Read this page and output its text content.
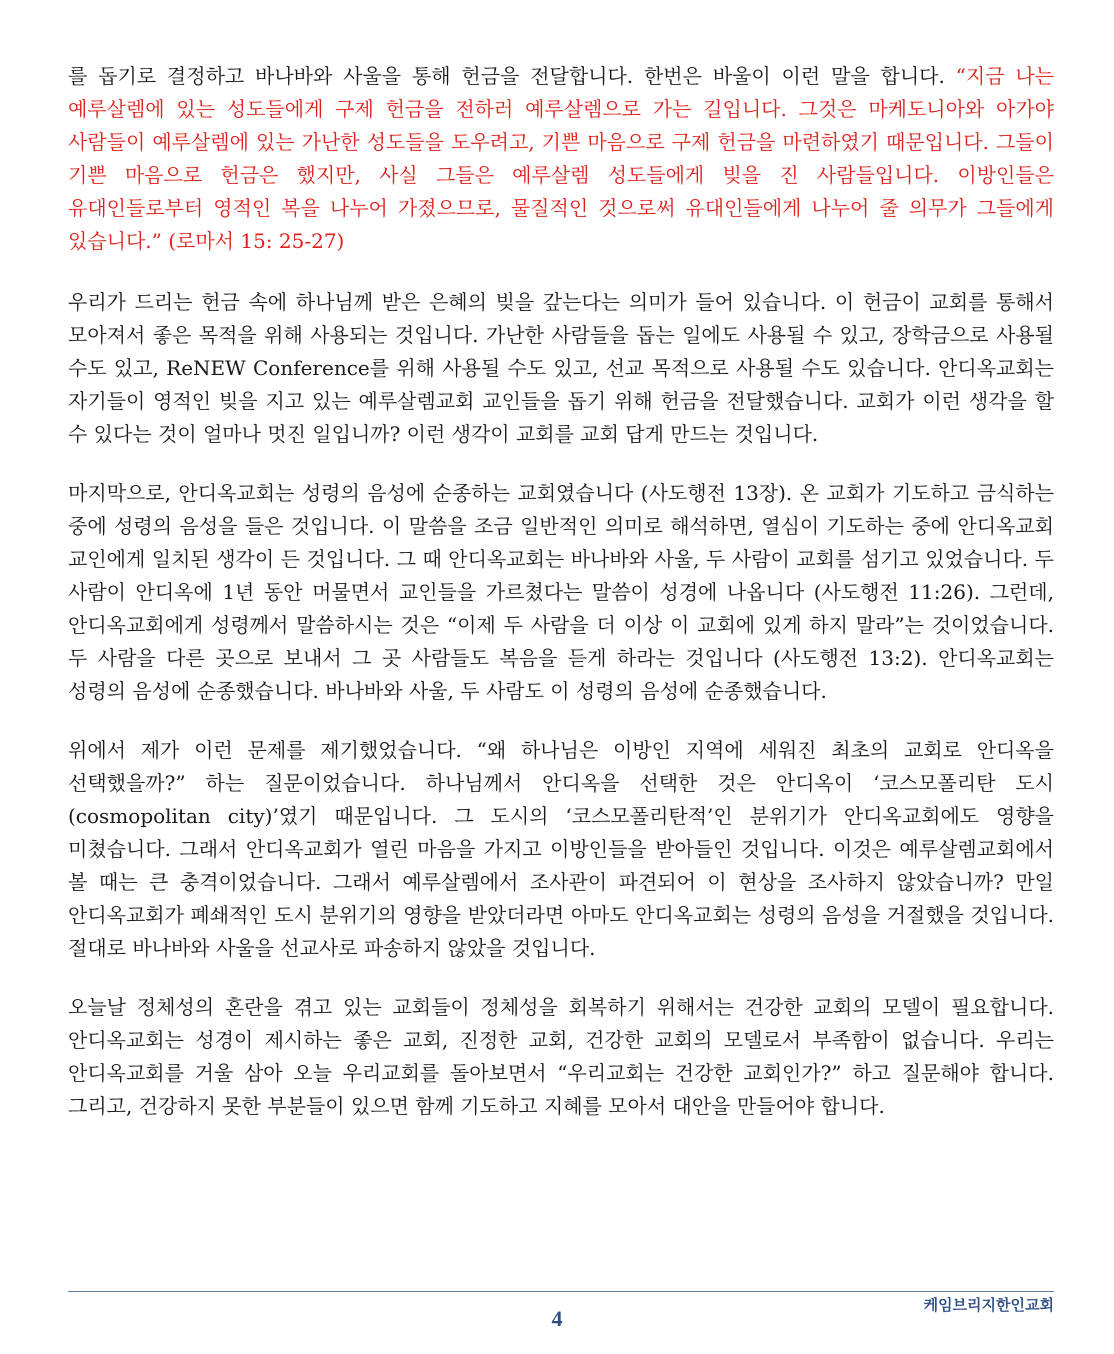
를 돕기로 결정하고 바나바와 사울을 통해 헌금을 전달합니다. 한번은 바울이 이런 말을 합니다. “지금 나는 예루살렘에 있는 성도들에게 구제 헌금을 전하러 예루살렘으로 가는 길입니다. 그것은 마케도니아와 아가야 사람들이 예루살렘에 있는 가난한 성도들을 도우려고, 기쁜 마음으로 구제 헌금을 마련하였기 때문입니다. 그들이 기쁜 마음으로 헌금은 했지만, 사실 그들은 예루살렘 성도들에게 빚을 진 사람들입니다. 이방인들은 유대인들로부터 영적인 복을 나누어 가졌으므로, 물질적인 것으로써 유대인들에게 나누어 줄 의무가 그들에게 있습니다.” (로마서 15: 25-27)

우리가 드리는 헌금 속에 하나님께 받은 은혜의 빚을 갚는다는 의미가 들어 있습니다. 이 헌금이 교회를 통해서 모아져서 좋은 목적을 위해 사용되는 것입니다. 가난한 사람들을 돕는 일에도 사용될 수 있고, 장학금으로 사용될 수도 있고, ReNEW Conference를 위해 사용될 수도 있고, 선교 목적으로 사용될 수도 있습니다. 안디옥교회는 자기들이 영적인 빚을 지고 있는 예루살렘교회 교인들을 돕기 위해 헌금을 전달했습니다. 교회가 이런 생각을 할 수 있다는 것이 얼마나 멋진 일입니까? 이런 생각이 교회를 교회 답게 만드는 것입니다.

마지막으로, 안디옥교회는 성령의 음성에 순종하는 교회였습니다 (사도행전 13장). 온 교회가 기도하고 금식하는 중에 성령의 음성을 들은 것입니다. 이 말씀을 조금 일반적인 의미로 해석하면, 열심이 기도하는 중에 안디옥교회 교인에게 일치된 생각이 든 것입니다. 그 때 안디옥교회는 바나바와 사울, 두 사람이 교회를 섬기고 있었습니다. 두 사람이 안디옥에 1년 동안 머물면서 교인들을 가르쳤다는 말씀이 성경에 나옵니다 (사도행전 11:26). 그런데, 안디옥교회에게 성령께서 말씀하시는 것은 “이제 두 사람을 더 이상 이 교회에 있게 하지 말라”는 것이었습니다. 두 사람을 다른 곳으로 보내서 그 곳 사람들도 복음을 듣게 하라는 것입니다 (사도행전 13:2). 안디옥교회는 성령의 음성에 순종했습니다. 바나바와 사울, 두 사람도 이 성령의 음성에 순종했습니다.

위에서 제가 이런 문제를 제기했었습니다. “왜 하나님은 이방인 지역에 세워진 최초의 교회로 안디옥을 선택했을까?” 하는 질문이었습니다. 하나님께서 안디옥을 선택한 것은 안디옥이 ‘코스모폴리탄 도시 (cosmopolitan city)’였기 때문입니다. 그 도시의 ‘코스모폴리탄적’인 분위기가 안디옥교회에도 영향을 미쳤습니다. 그래서 안디옥교회가 열린 마음을 가지고 이방인들을 받아들인 것입니다. 이것은 예루살렘교회에서 볼 때는 큰 충격이었습니다. 그래서 예루살렘에서 조사관이 파견되어 이 현상을 조사하지 않았습니까? 만일 안디옥교회가 폐쇄적인 도시 분위기의 영향을 받았더라면 아마도 안디옥교회는 성령의 음성을 거절했을 것입니다. 절대로 바나바와 사울을 선교사로 파송하지 않았을 것입니다.

오늘날 정체성의 혼란을 겪고 있는 교회들이 정체성을 회복하기 위해서는 건강한 교회의 모델이 필요합니다. 안디옥교회는 성경이 제시하는 좋은 교회, 진정한 교회, 건강한 교회의 모델로서 부족함이 없습니다. 우리는 안디옥교회를 거울 삼아 오늘 우리교회를 돌아보면서 “우리교회는 건강한 교회인가?” 하고 질문해야 합니다. 그리고, 건강하지 못한 부분들이 있으면 함께 기도하고 지혜를 모아서 대안을 만들어야 합니다.

케임브리지한인교회
4
